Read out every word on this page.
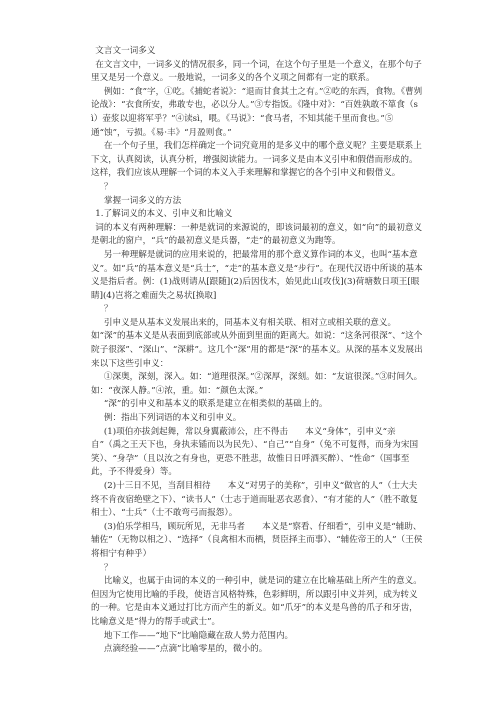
文言文一词多义

在文言文中，一词多义的情况很多，同一个词，在这个句子里是一个意义，在那个句子里又是另一个意义。一般地说，一词多义的各个义项之间都有一定的联系。

例如：“食”字，①吃。《捕蛇者说》：“退而甘食其土之有。”②吃的东西，食物。《曹刿论战》：“衣食所安，弗敢专也，必以分人。”③专指饭。《隆中对》：“百姓孰敢不箪食（sì）壶浆以迎将军乎？”④读sì，喂。《马说》：“食马者，不知其能千里而食也。”⑤通“蚀”，亏损。《易·丰》“月盈则食。”

在一个句子里，我们怎样确定一个词究竟用的是多义中的哪个意义呢？主要是联系上下文，认真阅读，认真分析，增强阅读能力。一词多义是由本义引申和假借而形成的。这样，我们应该从理解一个词的本义入手来理解和掌握它的各个引申义和假借义。

？

掌握一词多义的方法

1.了解词义的本义、引申义和比喻义

词的本义有两种理解：一种是就词的来源说的，即该词最初的意义，如“向”的最初意义是朝北的窗户，“兵”的最初意义是兵器，“走”的最初意义为跑等。

另一种理解是就词的应用来说的，把最常用的那个意义算作词的本义，也叫“基本意义”。如“兵”的基本意义是“兵士”，“走”的基本意义是“步行”。在现代汉语中所谈的基本义是指后者。例：(1)战则请从[跟随](2)后因伐木，始见此山[攻伐](3)荷塘数日项王[眼睛](4)岂将之难面失之易状[换取]

？

引申义是从基本义发展出来的，同基本义有相关联、相对立或相关联的意义。如“深”的基本义是从表面到底部或从外面到里面的距离大。如说：“这条河很深”、“这个院子很深”、“深山”、“深耕”。这几个“深”用的都是“深”的基本义。从深的基本义发展出来以下这些引申义：

①深奥，深刻，深入。如：“道理很深。”②深厚，深刻。如：“友谊很深。”③时间久。如：“夜深人静。”④浓，重。如：“颜色太深。”

“深”的引申义和基本义的联系是建立在相类似的基础上的。

例：指出下列词语的本义和引申义。

(1)项伯亦拔剑起舞，常以身翼蔽沛公，庄不得击　　本义“身体”，引申义“亲自”（禹之王天下也，身执耒锸而以为民先）、“自己”“自身”（兔不可复得，而身为宋国笑）、“身孕”（且以汝之有身也，更恐不胜悲，故惟日日呼酒买醉）、“性命”（国事至此，予不得爱身）等。

(2)十三日不见，当刮目相待　　本义“对男子的美称”，引申义“做官的人”（士大夫终不肯夜宿绝壁之下）、“读书人”（士志于道而耻恶衣恶食）、“有才能的人”（胜不敢复相士）、“士兵”（士不敢弯弓而报怨）。

(3)伯乐学相马，顾玩所见，无非马者　　本义是“察看、仔细看”，引申义是“辅助、辅佐”（无物以相之）、“选择”（良禽相木而栖，贤臣择主而事）、“辅佐帝王的人”（王侯将相宁有种乎）

？

比喻义，也属于由词的本义的一种引申，就是词的建立在比喻基础上所产生的意义。但因为它使用比喻的手段，使语言风格特殊，色彩鲜明，所以跟引申义并列，成为转义的一种。它是由本义通过打比方而产生的新义。如“爪牙”的本义是鸟兽的爪子和牙齿，比喻意义是“得力的帮手或武士”。

地下工作——“地下”比喻隐藏在敌人势力范围内。

点滴经验——“点滴”比喻零星的，微小的。
